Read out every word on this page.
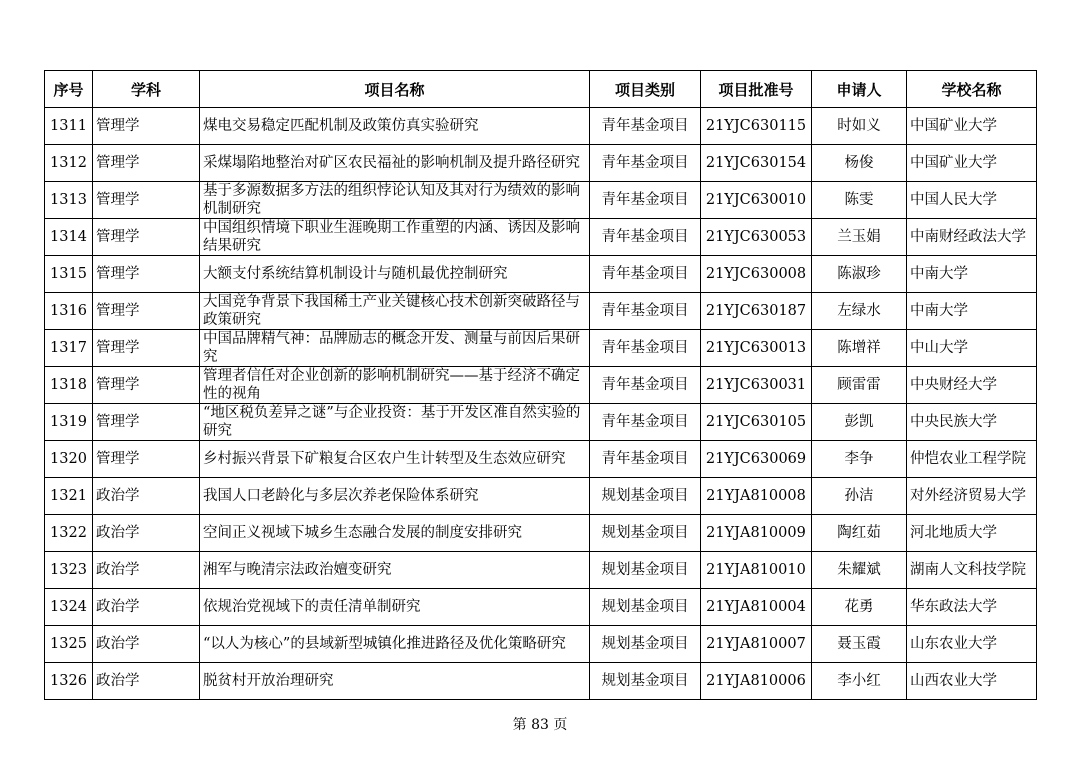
序号	学科	项目名称	项目类别	项目批准号	申请人	学校名称
1311	管理学	煤电交易稳定匹配机制及政策仿真实验研究	青年基金项目	21YJC630115	时如义	中国矿业大学
1312	管理学	采煤塌陷地整治对矿区农民福祉的影响机制及提升路径研究	青年基金项目	21YJC630154	杨俊	中国矿业大学
1313	管理学	基于多源数据多方法的组织悖论认知及其对行为绩效的影响机制研究	青年基金项目	21YJC630010	陈雯	中国人民大学
1314	管理学	中国组织情境下职业生涯晚期工作重塑的内涵、诱因及影响结果研究	青年基金项目	21YJC630053	兰玉娟	中南财经政法大学
1315	管理学	大额支付系统结算机制设计与随机最优控制研究	青年基金项目	21YJC630008	陈淑珍	中南大学
1316	管理学	大国竞争背景下我国稀土产业关键核心技术创新突破路径与政策研究	青年基金项目	21YJC630187	左绿水	中南大学
1317	管理学	中国品牌精气神：品牌励志的概念开发、测量与前因后果研究	青年基金项目	21YJC630013	陈增祥	中山大学
1318	管理学	管理者信任对企业创新的影响机制研究——基于经济不确定性的视角	青年基金项目	21YJC630031	顾雷雷	中央财经大学
1319	管理学	“地区税负差异之谜”与企业投资：基于开发区准自然实验的研究	青年基金项目	21YJC630105	彭凯	中央民族大学
1320	管理学	乡村振兴背景下矿粮复合区农户生计转型及生态效应研究	青年基金项目	21YJC630069	李争	仲恺农业工程学院
1321	政治学	我国人口老龄化与多层次养老保险体系研究	规划基金项目	21YJA810008	孙洁	对外经济贸易大学
1322	政治学	空间正义视域下城乡生态融合发展的制度安排研究	规划基金项目	21YJA810009	陶红茹	河北地质大学
1323	政治学	湘军与晚清宗法政治嬗变研究	规划基金项目	21YJA810010	朱耀斌	湖南人文科技学院
1324	政治学	依规治党视域下的责任清单制研究	规划基金项目	21YJA810004	花勇	华东政法大学
1325	政治学	“以人为核心”的县域新型城镇化推进路径及优化策略研究	规划基金项目	21YJA810007	聂玉霞	山东农业大学
1326	政治学	脱贫村开放治理研究	规划基金项目	21YJA810006	李小红	山西农业大学
第 83 页
